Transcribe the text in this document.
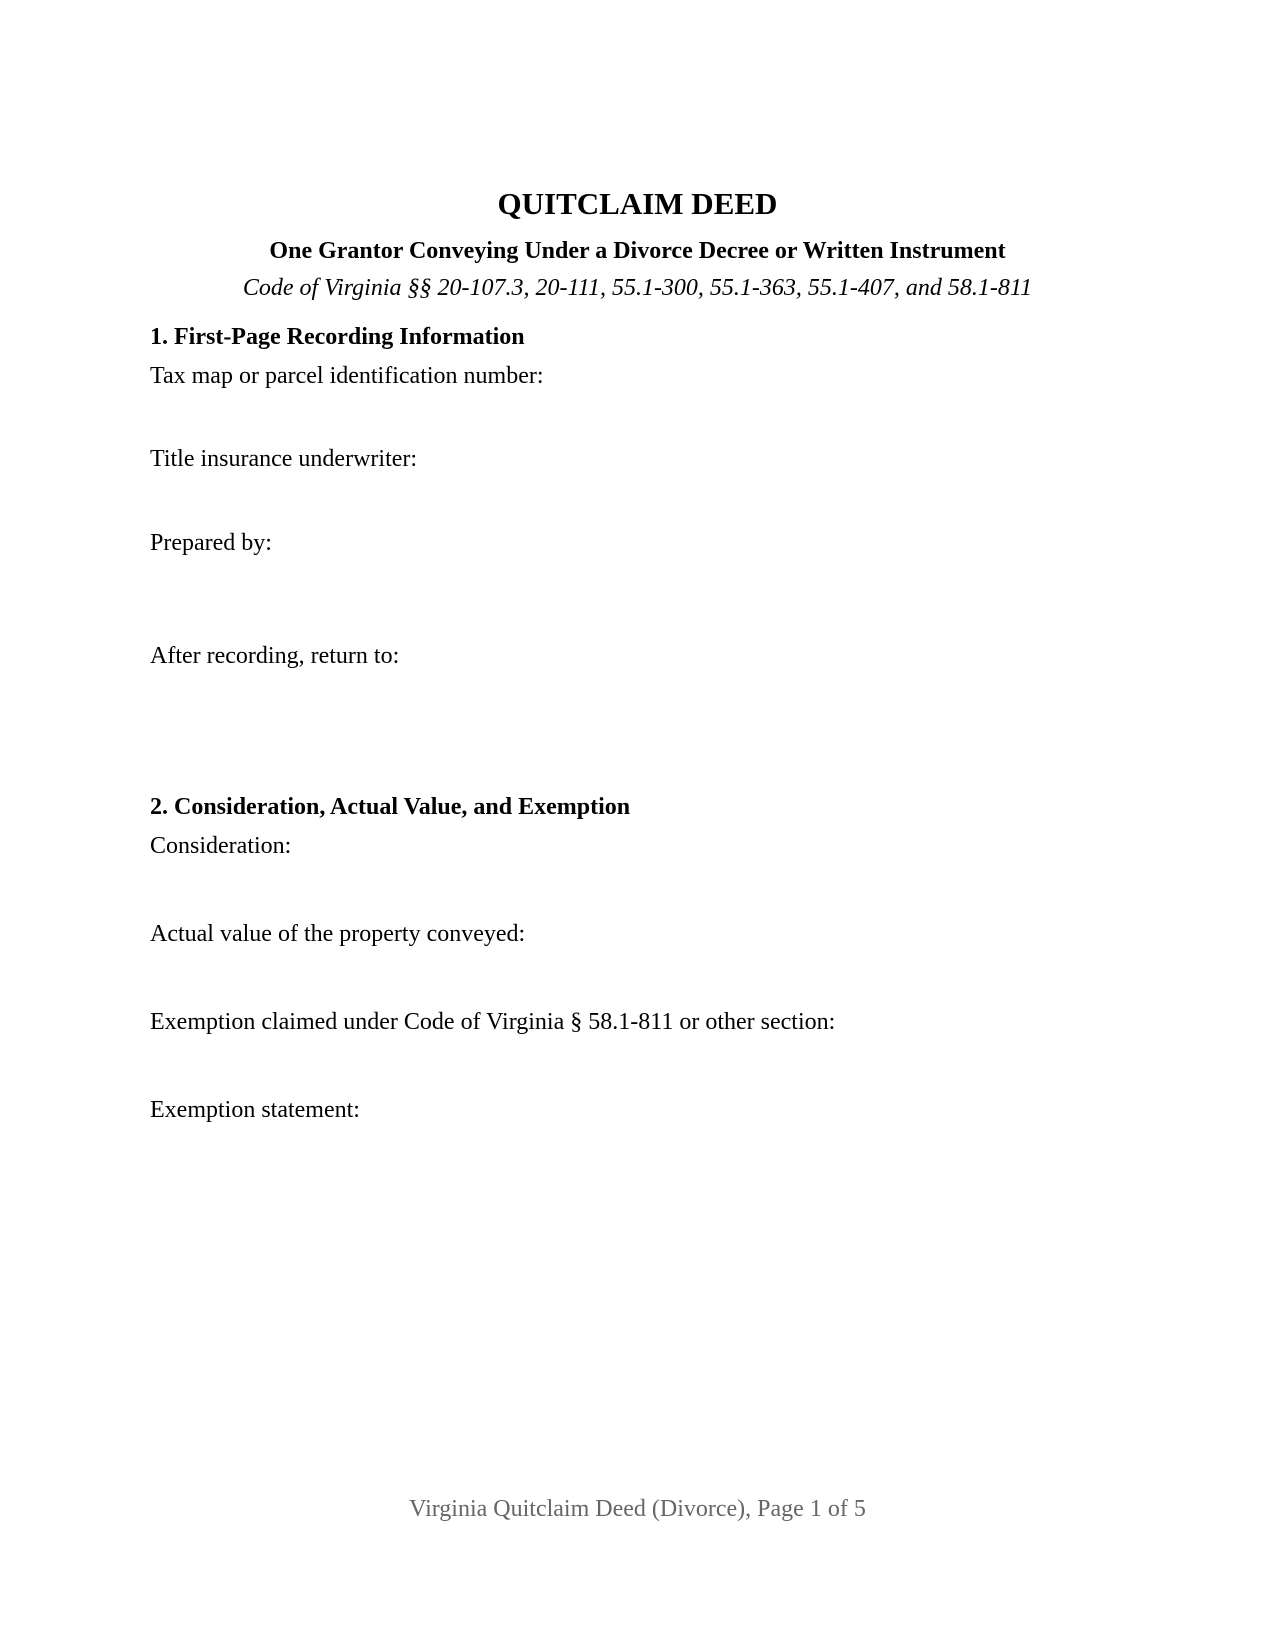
QUITCLAIM DEED
One Grantor Conveying Under a Divorce Decree or Written Instrument
Code of Virginia §§ 20-107.3, 20-111, 55.1-300, 55.1-363, 55.1-407, and 58.1-811
1. First-Page Recording Information
Tax map or parcel identification number:
Title insurance underwriter:
Prepared by:
After recording, return to:
2. Consideration, Actual Value, and Exemption
Consideration:
Actual value of the property conveyed:
Exemption claimed under Code of Virginia § 58.1-811 or other section:
Exemption statement:
Virginia Quitclaim Deed (Divorce), Page 1 of 5
